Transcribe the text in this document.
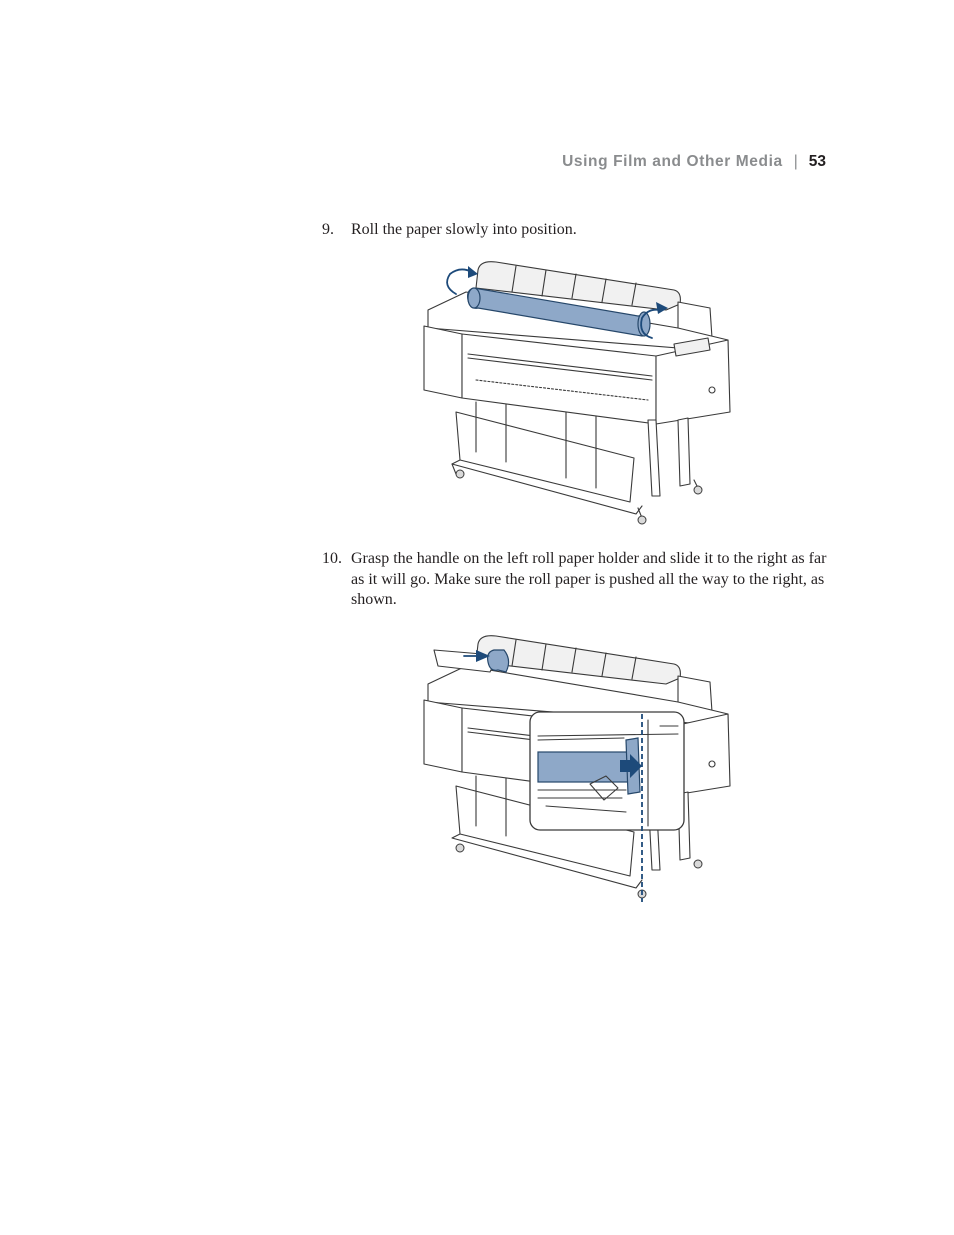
Using Film and Other Media | 53
9. Roll the paper slowly into position.
10. Grasp the handle on the left roll paper holder and slide it to the right as far as it will go. Make sure the roll paper is pushed all the way to the right, as shown.
